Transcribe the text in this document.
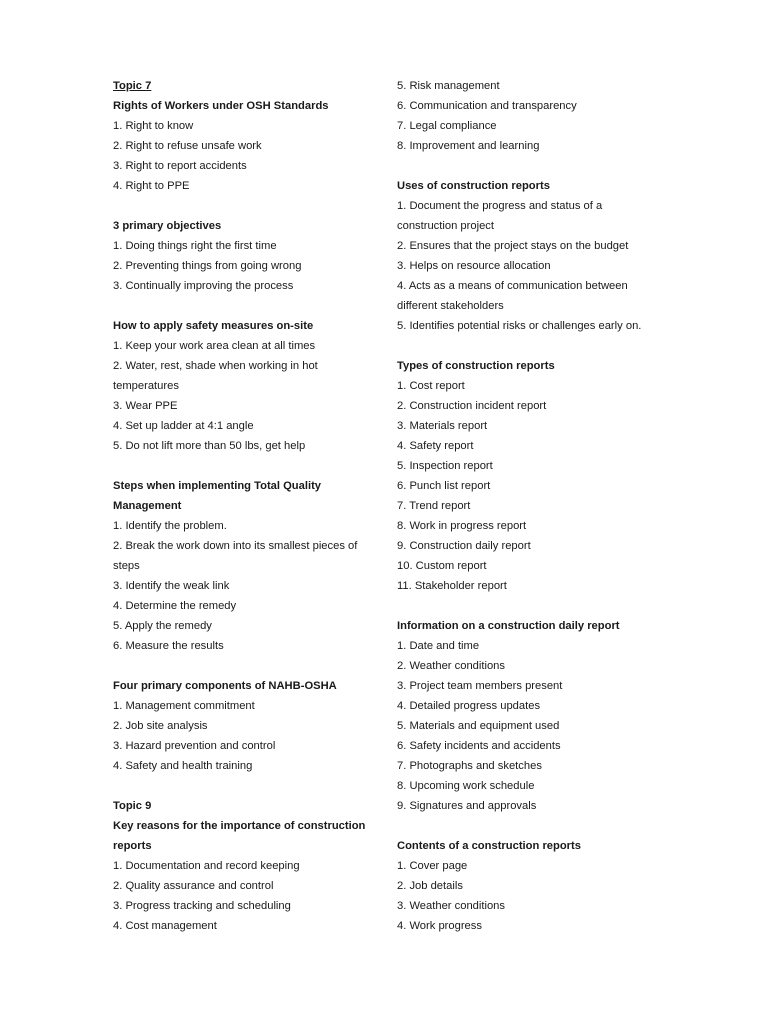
Topic 7
Rights of Workers under OSH Standards
1. Right to know
2. Right to refuse unsafe work
3. Right to report accidents
4. Right to PPE
3 primary objectives
1. Doing things right the first time
2. Preventing things from going wrong
3. Continually improving the process
How to apply safety measures on-site
1. Keep your work area clean at all times
2. Water, rest, shade when working in hot
temperatures
3. Wear PPE
4. Set up ladder at 4:1 angle
5. Do not lift more than 50 lbs, get help
Steps when implementing Total Quality
Management
1. Identify the problem.
2. Break the work down into its smallest pieces of
steps
3. Identify the weak link
4. Determine the remedy
5. Apply the remedy
6. Measure the results
Four primary components of NAHB-OSHA
1. Management commitment
2. Job site analysis
3. Hazard prevention and control
4. Safety and health training
Topic 9
Key reasons for the importance of construction
reports
1. Documentation and record keeping
2. Quality assurance and control
3. Progress tracking and scheduling
4. Cost management
5. Risk management
6. Communication and transparency
7. Legal compliance
8. Improvement and learning
Uses of construction reports
1. Document the progress and status of a
construction project
2. Ensures that the project stays on the budget
3. Helps on resource allocation
4. Acts as a means of communication between
different stakeholders
5. Identifies potential risks or challenges early on.
Types of construction reports
1. Cost report
2. Construction incident report
3. Materials report
4. Safety report
5. Inspection report
6. Punch list report
7. Trend report
8. Work in progress report
9. Construction daily report
10. Custom report
11. Stakeholder report
Information on a construction daily report
1. Date and time
2. Weather conditions
3. Project team members present
4. Detailed progress updates
5. Materials and equipment used
6. Safety incidents and accidents
7. Photographs and sketches
8. Upcoming work schedule
9. Signatures and approvals
Contents of a construction reports
1. Cover page
2. Job details
3. Weather conditions
4. Work progress
